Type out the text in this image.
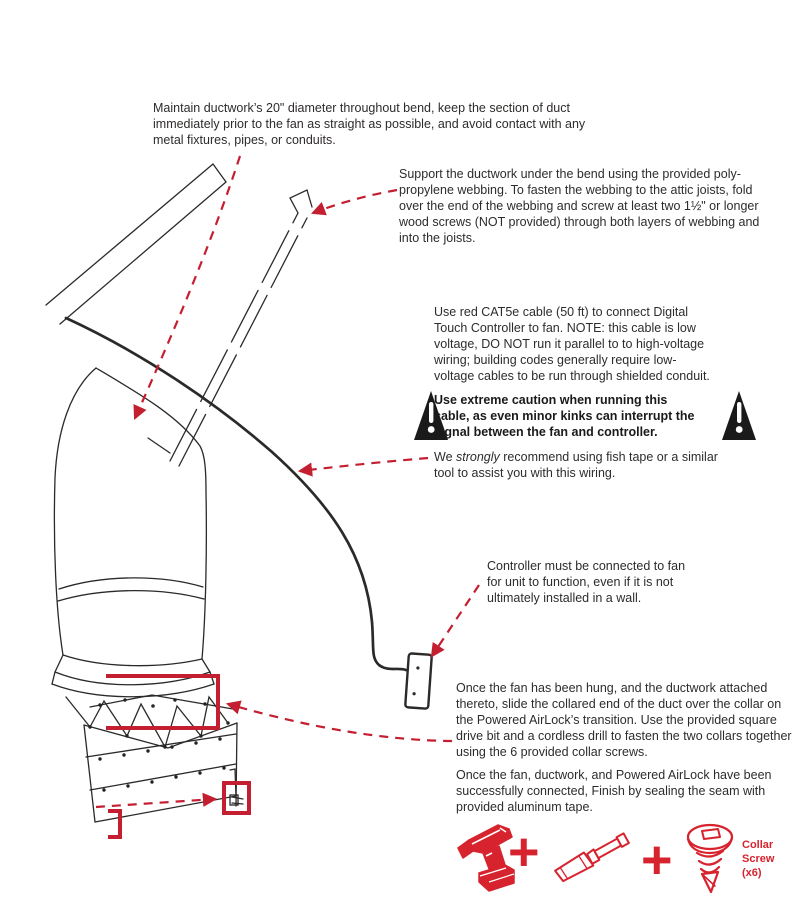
Maintain ductwork’s 20" diameter throughout bend, keep the section of duct immediately prior to the fan as straight as possible, and avoid contact with any metal fixtures, pipes, or conduits.
Support the ductwork under the bend using the provided poly-propylene webbing. To fasten the webbing to the attic joists, fold over the end of the webbing and screw at least two 1½" or longer wood screws (NOT provided) through both layers of webbing and into the joists.
Use red CAT5e cable (50 ft) to connect Digital Touch Controller to fan. NOTE: this cable is low voltage, DO NOT run it parallel to to high-voltage wiring; building codes generally require low-voltage cables to be run through shielded conduit.
Use extreme caution when running this cable, as even minor kinks can interrupt the signal between the fan and controller.
We strongly recommend using fish tape or a similar tool to assist you with this wiring.
Controller must be connected to fan for unit to function, even if it is not ultimately installed in a wall.
Once the fan has been hung, and the ductwork attached thereto, slide the collared end of the duct over the collar on the Powered AirLock’s transition. Use the provided square drive bit and a cordless drill to fasten the two collars together using the 6 provided collar screws.
Once the fan, ductwork, and Powered AirLock have been successfully connected, Finish by sealing the seam with provided aluminum tape.
+ +	Collar Screw (x6)
